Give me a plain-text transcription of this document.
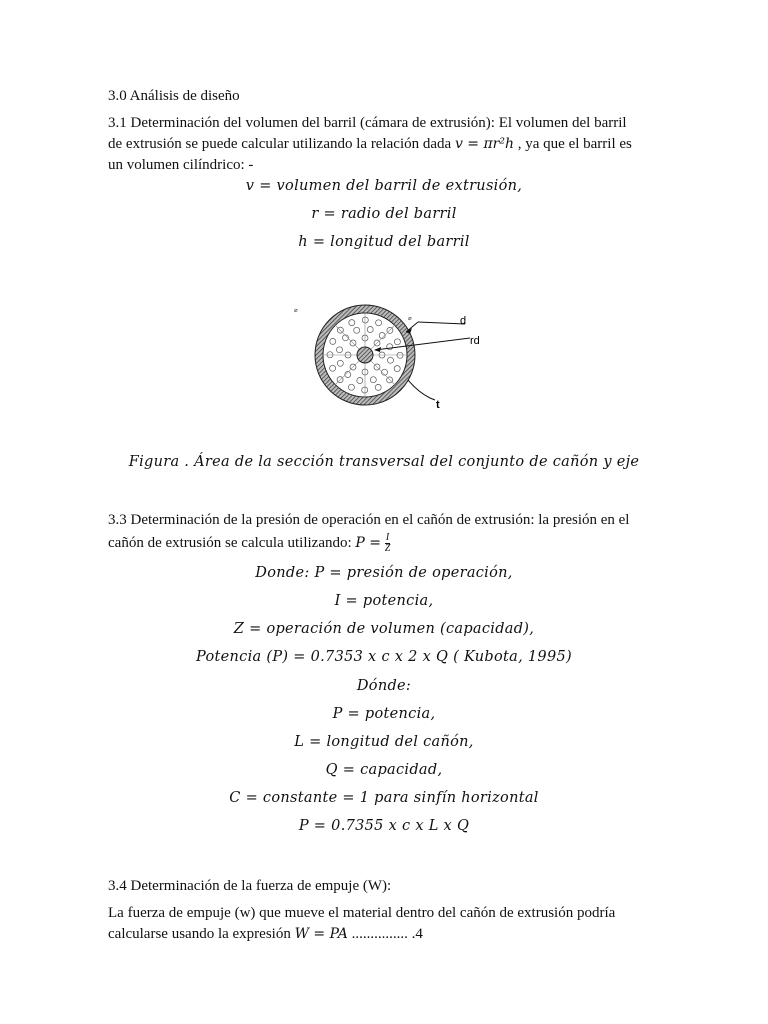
3.0 Análisis de diseño
3.1 Determinación del volumen del barril (cámara de extrusión): El volumen del barril
de extrusión se puede calcular utilizando la relación dada v = πr²h , ya que el barril es
un volumen cilíndrico: -
v = volumen del barril de extrusión,
r = radio del barril
h = longitud del barril
d
rd
t
⌀
⌀
Figura . Área de la sección transversal del conjunto de cañón y eje
3.3 Determinación de la presión de operación en el cañón de extrusión: la presión en el
cañón de extrusión se calcula utilizando: $P = \frac{I}{Z}$
Donde: P = presión de operación,
I = potencia,
Z = operación de volumen (capacidad),
Potencia (P) = 0.7353 x c x 2 x Q ( Kubota, 1995)
Dónde:
P = potencia,
L = longitud del cañón,
Q = capacidad,
C = constante = 1 para sinfín horizontal
P = 0.7355 x c x L x Q
3.4 Determinación de la fuerza de empuje (W):
La fuerza de empuje (w) que mueve el material dentro del cañón de extrusión podría
calcularse usando la expresión W = PA ............... .4
